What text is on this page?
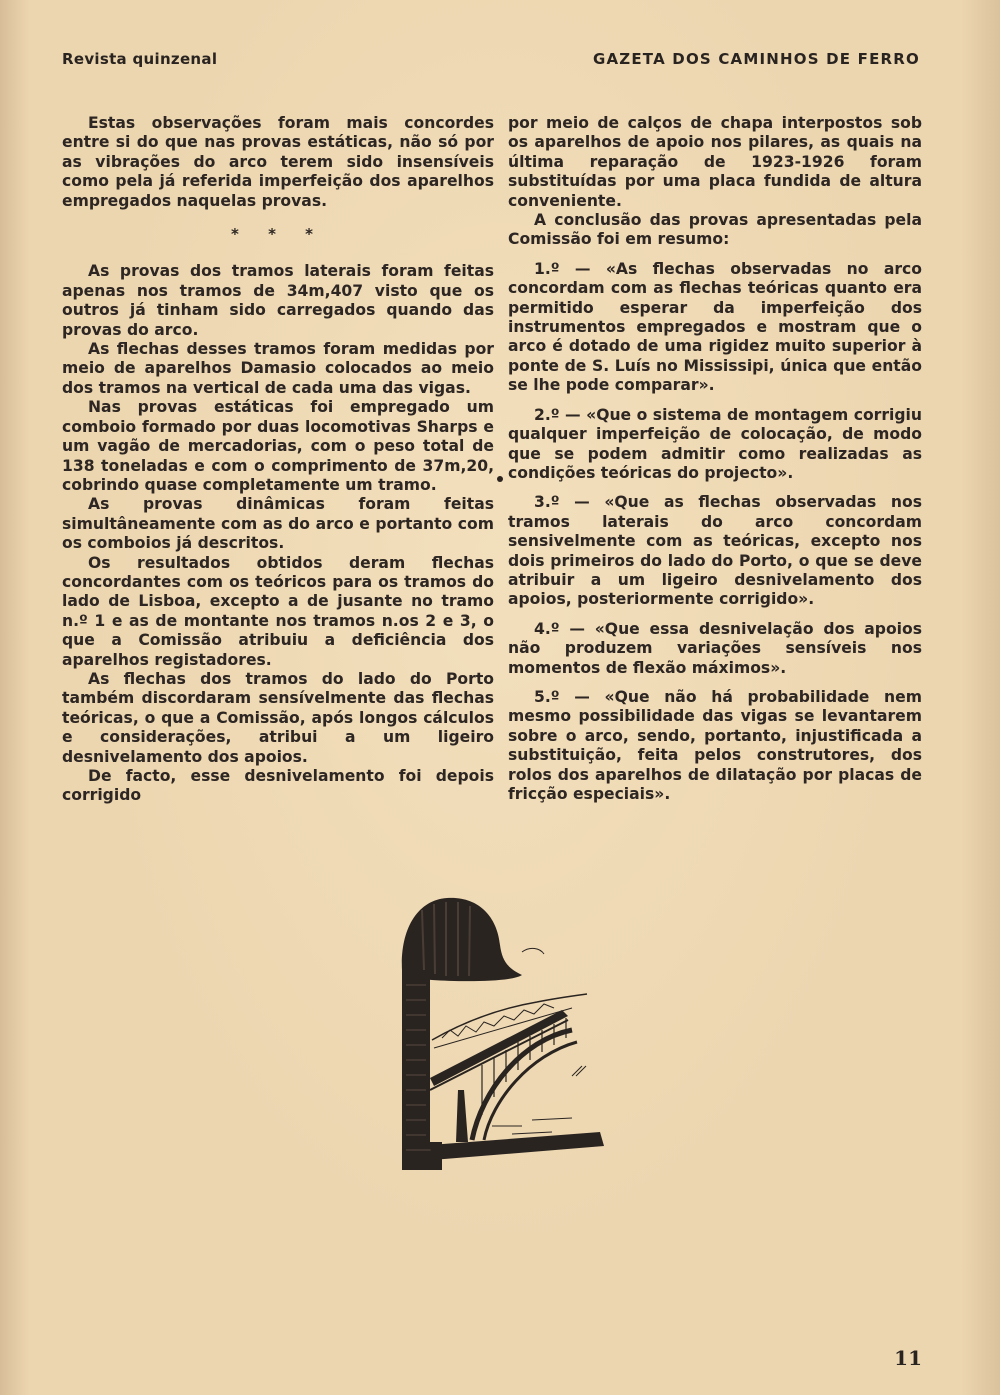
Revista quinzenal	GAZETA DOS CAMINHOS DE FERRO

Estas observações foram mais concordes entre si do que nas provas estáticas, não só por as vibrações do arco terem sido insensíveis como pela já referida imperfeição dos aparelhos empregados naquelas provas.

* * *

As provas dos tramos laterais foram feitas apenas nos tramos de 34m,407 visto que os outros já tinham sido carregados quando das provas do arco.

As flechas desses tramos foram medidas por meio de aparelhos Damasio colocados ao meio dos tramos na vertical de cada uma das vigas.

Nas provas estáticas foi empregado um comboio formado por duas locomotivas Sharps e um vagão de mercadorias, com o peso total de 138 toneladas e com o comprimento de 37m,20, cobrindo quase completamente um tramo.

As provas dinâmicas foram feitas simultâneamente com as do arco e portanto com os comboios já descritos.

Os resultados obtidos deram flechas concordantes com os teóricos para os tramos do lado de Lisboa, excepto a de jusante no tramo n.º 1 e as de montante nos tramos n.os 2 e 3, o que a Comissão atribuiu a deficiência dos aparelhos registadores.

As flechas dos tramos do lado do Porto também discordaram sensívelmente das flechas teóricas, o que a Comissão, após longos cálculos e considerações, atribui a um ligeiro desnivelamento dos apoios.

De facto, esse desnivelamento foi depois corrigido

por meio de calços de chapa interpostos sob os aparelhos de apoio nos pilares, as quais na última reparação de 1923-1926 foram substituídas por uma placa fundida de altura conveniente.

A conclusão das provas apresentadas pela Comissão foi em resumo:

1.º — «As flechas observadas no arco concordam com as flechas teóricas quanto era permitido esperar da imperfeição dos instrumentos empregados e mostram que o arco é dotado de uma rigidez muito superior à ponte de S. Luís no Mississipi, única que então se lhe pode comparar».

2.º — «Que o sistema de montagem corrigiu qualquer imperfeição de colocação, de modo que se podem admitir como realizadas as condições teóricas do projecto».

3.º — «Que as flechas observadas nos tramos laterais do arco concordam sensivelmente com as teóricas, excepto nos dois primeiros do lado do Porto, o que se deve atribuir a um ligeiro desnivelamento dos apoios, posteriormente corrigido».

4.º — «Que essa desnivelação dos apoios não produzem variações sensíveis nos momentos de flexão máximos».

5.º — «Que não há probabilidade nem mesmo possibilidade das vigas se levantarem sobre o arco, sendo, portanto, injustificada a substituição, feita pelos construtores, dos rolos dos aparelhos de dilatação por placas de fricção especiais».

11
